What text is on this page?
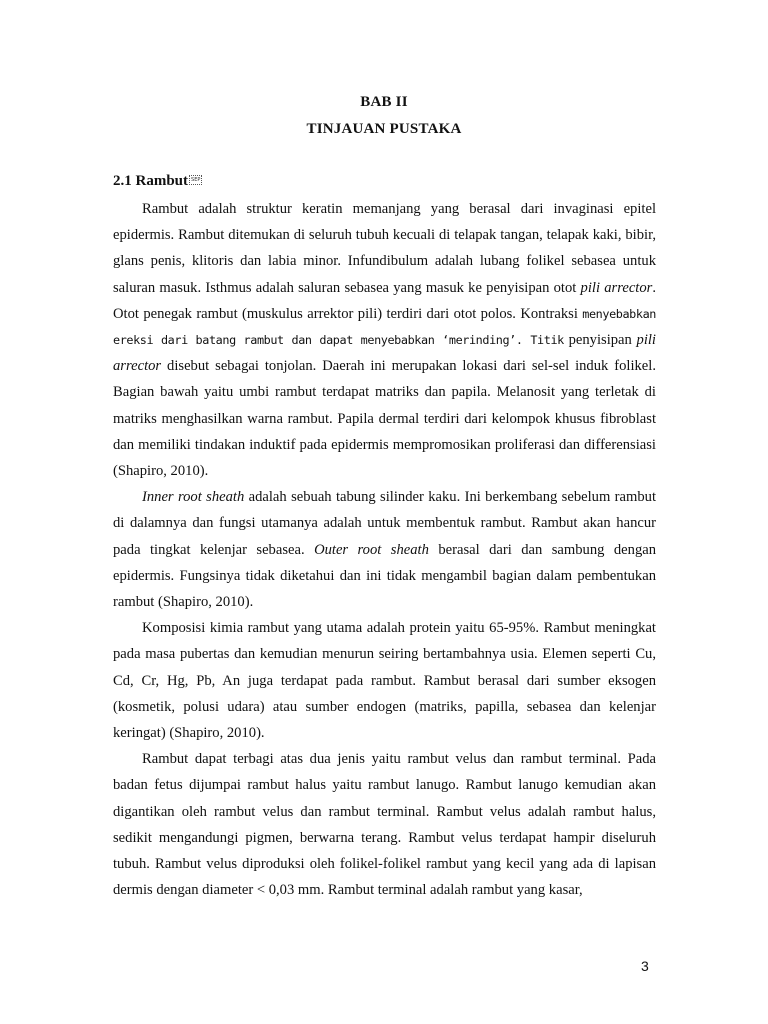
BAB II
TINJAUAN PUSTAKA
2.1 Rambut SEP

Rambut adalah struktur keratin memanjang yang berasal dari invaginasi epitel epidermis. Rambut ditemukan di seluruh tubuh kecuali di telapak tangan, telapak kaki, bibir, glans penis, klitoris dan labia minor. Infundibulum adalah lubang folikel sebasea untuk saluran masuk. Isthmus adalah saluran sebasea yang masuk ke penyisipan otot pili arrector. Otot penegak rambut (muskulus arrektor pili) terdiri dari otot polos. Kontraksi menyebabkan ereksi dari batang rambut dan dapat menyebabkan ‘merinding’. Titik penyisipan pili arrector disebut sebagai tonjolan. Daerah ini merupakan lokasi dari sel-sel induk folikel. Bagian bawah yaitu umbi rambut terdapat matriks dan papila. Melanosit yang terletak di matriks menghasilkan warna rambut. Papila dermal terdiri dari kelompok khusus fibroblast dan memiliki tindakan induktif pada epidermis mempromosikan proliferasi dan differensiasi (Shapiro, 2010).

Inner root sheath adalah sebuah tabung silinder kaku. Ini berkembang sebelum rambut di dalamnya dan fungsi utamanya adalah untuk membentuk rambut. Rambut akan hancur pada tingkat kelenjar sebasea. Outer root sheath berasal dari dan sambung dengan epidermis. Fungsinya tidak diketahui dan ini tidak mengambil bagian dalam pembentukan rambut (Shapiro, 2010).

Komposisi kimia rambut yang utama adalah protein yaitu 65-95%. Rambut meningkat pada masa pubertas dan kemudian menurun seiring bertambahnya usia. Elemen seperti Cu, Cd, Cr, Hg, Pb, An juga terdapat pada rambut. Rambut berasal dari sumber eksogen (kosmetik, polusi udara) atau sumber endogen (matriks, papilla, sebasea dan kelenjar keringat) (Shapiro, 2010).

Rambut dapat terbagi atas dua jenis yaitu rambut velus dan rambut terminal. Pada badan fetus dijumpai rambut halus yaitu rambut lanugo. Rambut lanugo kemudian akan digantikan oleh rambut velus dan rambut terminal. Rambut velus adalah rambut halus, sedikit mengandungi pigmen, berwarna terang. Rambut velus terdapat hampir diseluruh tubuh. Rambut velus diproduksi oleh folikel-folikel rambut yang kecil yang ada di lapisan dermis dengan diameter < 0,03 mm. Rambut terminal adalah rambut yang kasar,

3
